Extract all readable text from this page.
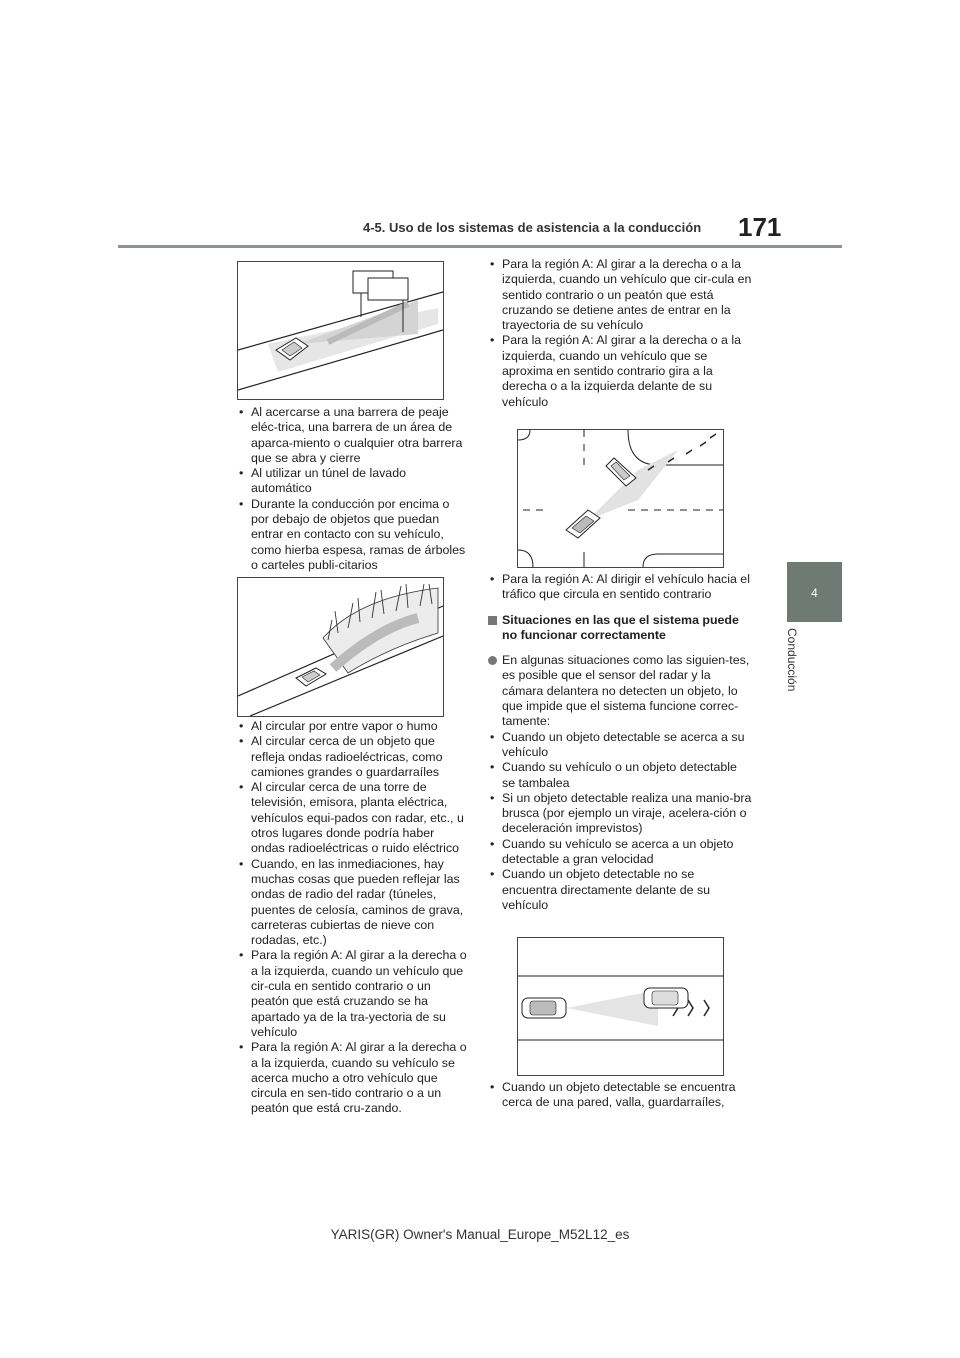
4-5. Uso de los sistemas de asistencia a la conducción 171
4
Conducción
• Al acercarse a una barrera de peaje eléc-trica, una barrera de un área de aparca-miento o cualquier otra barrera que se abra y cierre
• Al utilizar un túnel de lavado automático
• Durante la conducción por encima o por debajo de objetos que puedan entrar en contacto con su vehículo, como hierba espesa, ramas de árboles o carteles publi-citarios
• Al circular por entre vapor o humo
• Al circular cerca de un objeto que refleja ondas radioeléctricas, como camiones grandes o guardarraíles
• Al circular cerca de una torre de televisión, emisora, planta eléctrica, vehículos equi-pados con radar, etc., u otros lugares donde podría haber ondas radioeléctricas o ruido eléctrico
• Cuando, en las inmediaciones, hay muchas cosas que pueden reflejar las ondas de radio del radar (túneles, puentes de celosía, caminos de grava, carreteras cubiertas de nieve con rodadas, etc.)
• Para la región A: Al girar a la derecha o a la izquierda, cuando un vehículo que cir-cula en sentido contrario o un peatón que está cruzando se ha apartado ya de la tra-yectoria de su vehículo
• Para la región A: Al girar a la derecha o a la izquierda, cuando su vehículo se acerca mucho a otro vehículo que circula en sen-tido contrario o a un peatón que está cru-zando.
• Para la región A: Al girar a la derecha o a la izquierda, cuando un vehículo que cir-cula en sentido contrario o un peatón que está cruzando se detiene antes de entrar en la trayectoria de su vehículo
• Para la región A: Al girar a la derecha o a la izquierda, cuando un vehículo que se aproxima en sentido contrario gira a la derecha o a la izquierda delante de su vehículo
• Para la región A: Al dirigir el vehículo hacia el tráfico que circula en sentido contrario
Situaciones en las que el sistema puede no funcionar correctamente
En algunas situaciones como las siguien-tes, es posible que el sensor del radar y la cámara delantera no detecten un objeto, lo que impide que el sistema funcione correc-tamente:
• Cuando un objeto detectable se acerca a su vehículo
• Cuando su vehículo o un objeto detectable se tambalea
• Si un objeto detectable realiza una manio-bra brusca (por ejemplo un viraje, acelera-ción o deceleración imprevistos)
• Cuando su vehículo se acerca a un objeto detectable a gran velocidad
• Cuando un objeto detectable no se encuentra directamente delante de su vehículo
• Cuando un objeto detectable se encuentra cerca de una pared, valla, guardarraíles,
YARIS(GR) Owner's Manual_Europe_M52L12_es
